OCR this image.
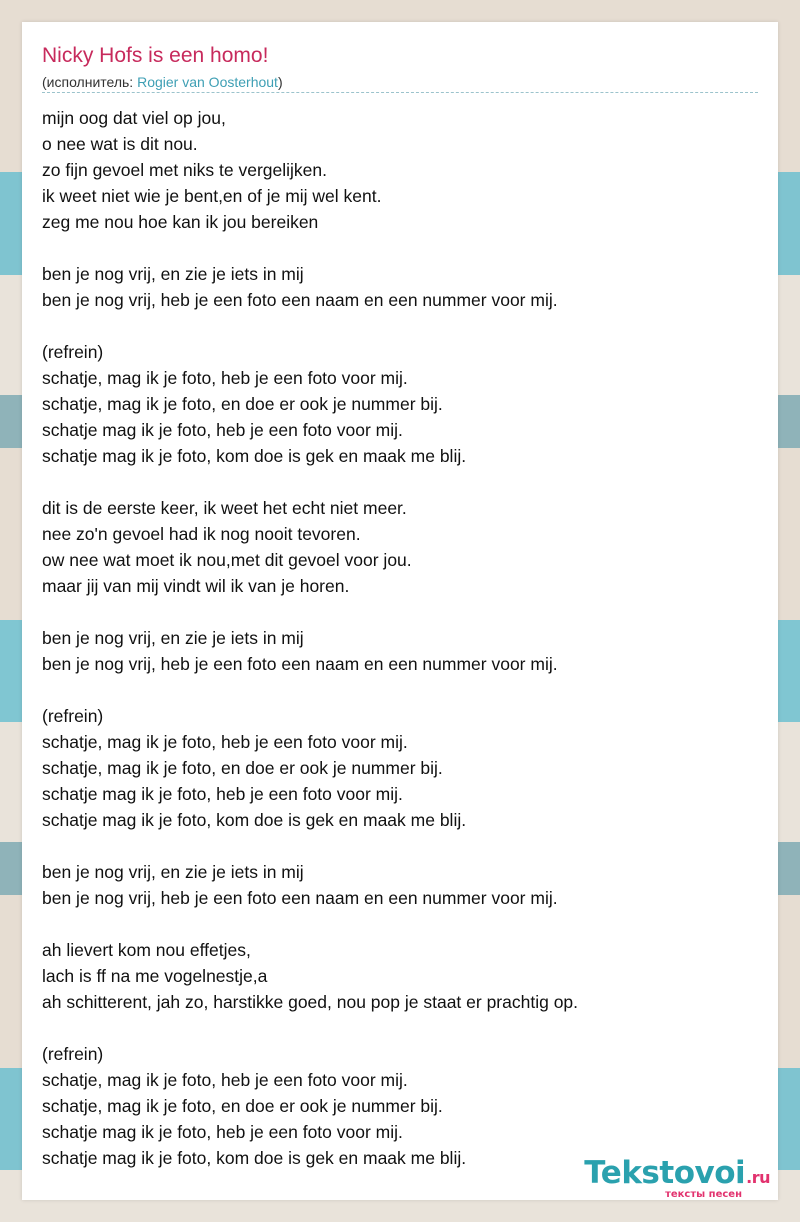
Nicky Hofs is een homo!
(исполнитель: Rogier van Oosterhout)
mijn oog dat viel op jou,
o nee wat is dit nou.
zo fijn gevoel met niks te vergelijken.
ik weet niet wie je bent,en of je mij wel kent.
zeg me nou hoe kan ik jou bereiken
ben je nog vrij, en zie je iets in mij
ben je nog vrij, heb je een foto een naam en een nummer voor mij.
(refrein)
schatje, mag ik je foto, heb je een foto voor mij.
schatje, mag ik je foto, en doe er ook je nummer bij.
schatje mag ik je foto, heb je een foto voor mij.
schatje mag ik je foto, kom doe is gek en maak me blij.
dit is de eerste keer, ik weet het echt niet meer.
nee zo'n gevoel had ik nog nooit tevoren.
ow nee wat moet ik nou,met dit gevoel voor jou.
maar jij van mij vindt wil ik van je horen.
ben je nog vrij, en zie je iets in mij
ben je nog vrij, heb je een foto een naam en een nummer voor mij.
(refrein)
schatje, mag ik je foto, heb je een foto voor mij.
schatje, mag ik je foto, en doe er ook je nummer bij.
schatje mag ik je foto, heb je een foto voor mij.
schatje mag ik je foto, kom doe is gek en maak me blij.
ben je nog vrij, en zie je iets in mij
ben je nog vrij, heb je een foto een naam en een nummer voor mij.
ah lievert kom nou effetjes,
lach is ff na me vogelnestje,a
ah schitterent, jah zo, harstikke goed, nou pop je staat er prachtig op.
(refrein)
schatje, mag ik je foto, heb je een foto voor mij.
schatje, mag ik je foto, en doe er ook je nummer bij.
schatje mag ik je foto, heb je een foto voor mij.
schatje mag ik je foto, kom doe is gek en maak me blij.	Tekstovoi.ru
тексты песен
